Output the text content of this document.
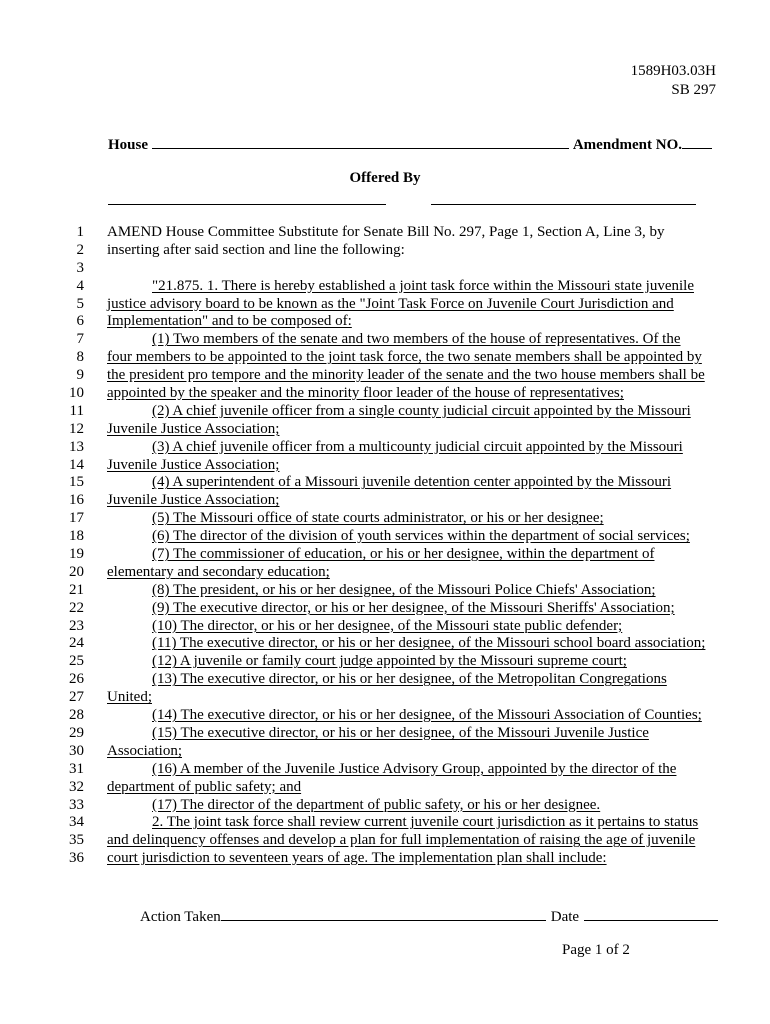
1589H03.03H
SB 297
House	Amendment NO.
Offered By
1 AMEND House Committee Substitute for Senate Bill No. 297, Page 1, Section A, Line 3, by
2 inserting after said section and line the following:
3
4	"21.875. 1. There is hereby established a joint task force within the Missouri state juvenile
5 justice advisory board to be known as the "Joint Task Force on Juvenile Court Jurisdiction and
6 Implementation" and to be composed of:
7	(1) Two members of the senate and two members of the house of representatives. Of the
8 four members to be appointed to the joint task force, the two senate members shall be appointed by
9 the president pro tempore and the minority leader of the senate and the two house members shall be
10 appointed by the speaker and the minority floor leader of the house of representatives;
11	(2) A chief juvenile officer from a single county judicial circuit appointed by the Missouri
12 Juvenile Justice Association;
13	(3) A chief juvenile officer from a multicounty judicial circuit appointed by the Missouri
14 Juvenile Justice Association;
15	(4) A superintendent of a Missouri juvenile detention center appointed by the Missouri
16 Juvenile Justice Association;
17	(5) The Missouri office of state courts administrator, or his or her designee;
18	(6) The director of the division of youth services within the department of social services;
19	(7) The commissioner of education, or his or her designee, within the department of
20 elementary and secondary education;
21	(8) The president, or his or her designee, of the Missouri Police Chiefs' Association;
22	(9) The executive director, or his or her designee, of the Missouri Sheriffs' Association;
23	(10) The director, or his or her designee, of the Missouri state public defender;
24	(11) The executive director, or his or her designee, of the Missouri school board association;
25	(12) A juvenile or family court judge appointed by the Missouri supreme court;
26	(13) The executive director, or his or her designee, of the Metropolitan Congregations
27 United;
28	(14) The executive director, or his or her designee, of the Missouri Association of Counties;
29	(15) The executive director, or his or her designee, of the Missouri Juvenile Justice
30 Association;
31	(16) A member of the Juvenile Justice Advisory Group, appointed by the director of the
32 department of public safety; and
33	(17) The director of the department of public safety, or his or her designee.
34	2. The joint task force shall review current juvenile court jurisdiction as it pertains to status
35 and delinquency offenses and develop a plan for full implementation of raising the age of juvenile
36 court jurisdiction to seventeen years of age. The implementation plan shall include:
Action Taken	Date
Page 1 of 2
